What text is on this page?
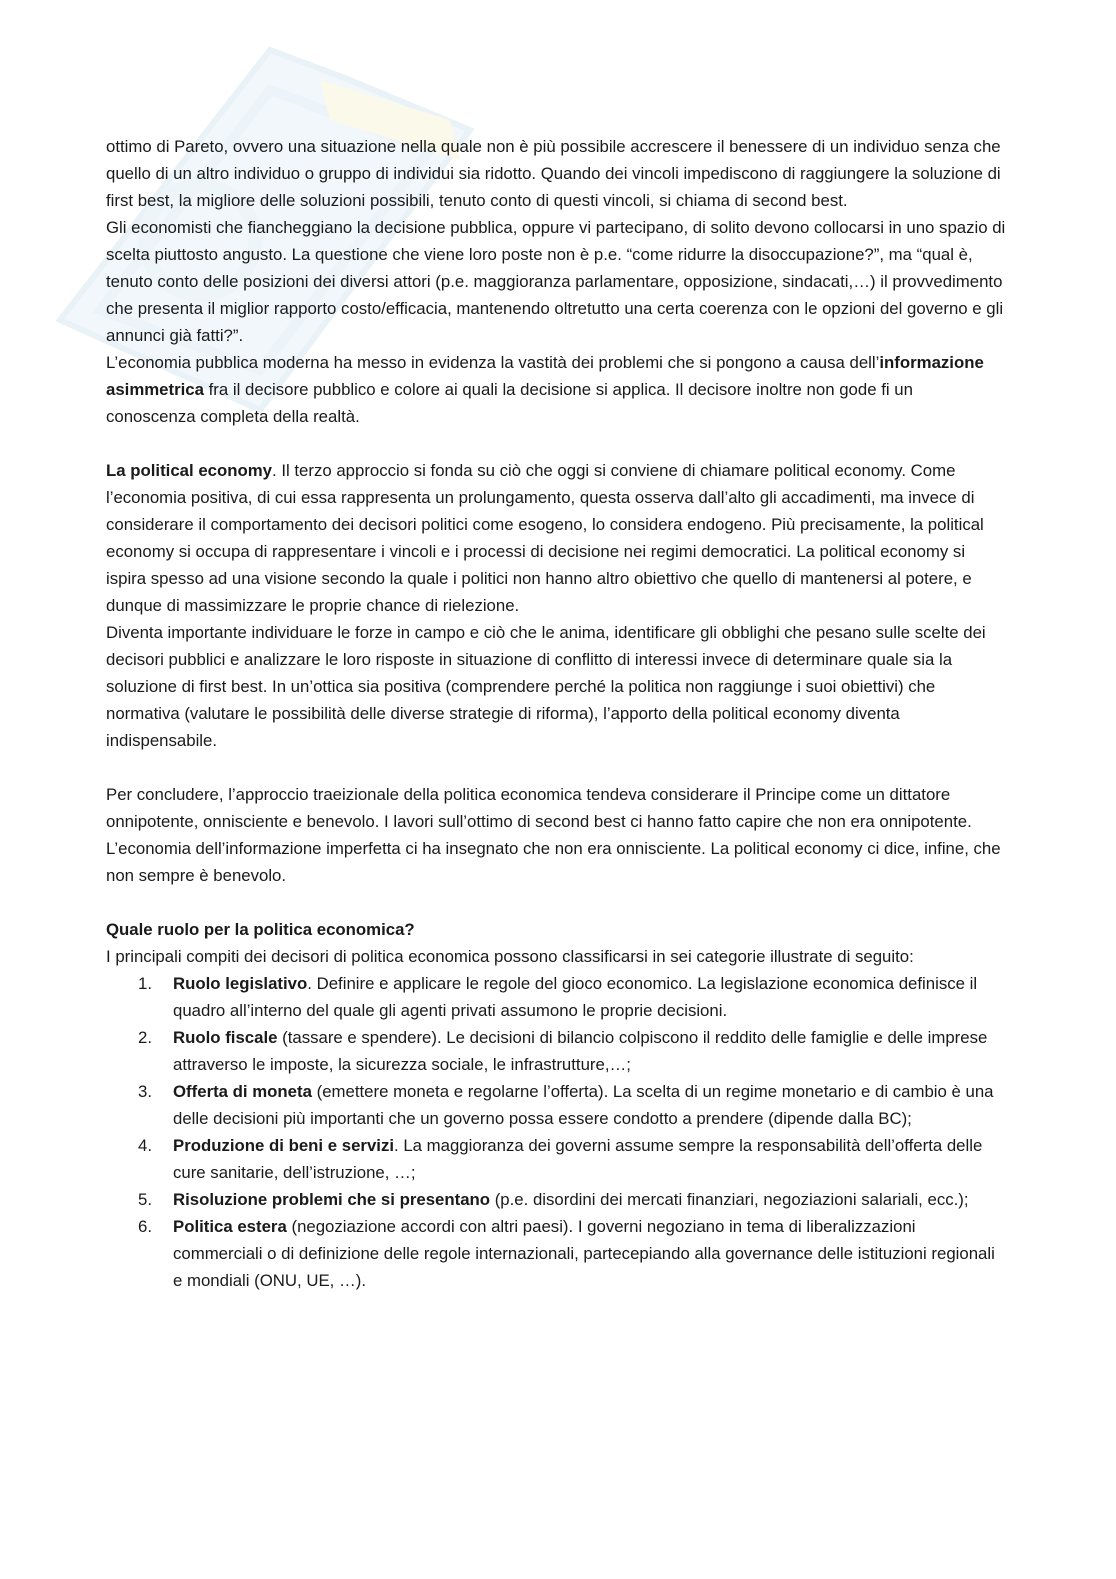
ottimo di Pareto, ovvero una situazione nella quale non è più possibile accrescere il benessere di un individuo senza che quello di un altro individuo o gruppo di individui sia ridotto. Quando dei vincoli impediscono di raggiungere la soluzione di first best, la migliore delle soluzioni possibili, tenuto conto di questi vincoli, si chiama di second best.

Gli economisti che fiancheggiano la decisione pubblica, oppure vi partecipano, di solito devono collocarsi in uno spazio di scelta piuttosto angusto. La questione che viene loro poste non è p.e. “come ridurre la disoccupazione?”, ma “qual è, tenuto conto delle posizioni dei diversi attori (p.e. maggioranza parlamentare, opposizione, sindacati,…) il provvedimento che presenta il miglior rapporto costo/efficacia, mantenendo oltretutto una certa coerenza con le opzioni del governo e gli annunci già fatti?”.

L’economia pubblica moderna ha messo in evidenza la vastità dei problemi che si pongono a causa dell’informazione asimmetrica fra il decisore pubblico e colore ai quali la decisione si applica. Il decisore inoltre non gode fi un conoscenza completa della realtà.

La political economy. Il terzo approccio si fonda su ciò che oggi si conviene di chiamare political economy. Come l’economia positiva, di cui essa rappresenta un prolungamento, questa osserva dall’alto gli accadimenti, ma invece di considerare il comportamento dei decisori politici come esogeno, lo considera endogeno. Più precisamente, la political economy si occupa di rappresentare i vincoli e i processi di decisione nei regimi democratici. La political economy si ispira spesso ad una visione secondo la quale i politici non hanno altro obiettivo che quello di mantenersi al potere, e dunque di massimizzare le proprie chance di rielezione.

Diventa importante individuare le forze in campo e ciò che le anima, identificare gli obblighi che pesano sulle scelte dei decisori pubblici e analizzare le loro risposte in situazione di conflitto di interessi invece di determinare quale sia la soluzione di first best. In un’ottica sia positiva (comprendere perché la politica non raggiunge i suoi obiettivi) che normativa (valutare le possibilità delle diverse strategie di riforma), l’apporto della political economy diventa indispensabile.

Per concludere, l’approccio traeizionale della politica economica tendeva considerare il Principe come un dittatore onnipotente, onnisciente e benevolo. I lavori sull’ottimo di second best ci hanno fatto capire che non era onnipotente. L’economia dell’informazione imperfetta ci ha insegnato che non era onnisciente. La political economy ci dice, infine, che non sempre è benevolo.

Quale ruolo per la politica economica?

I principali compiti dei decisori di politica economica possono classificarsi in sei categorie illustrate di seguito:

1. Ruolo legislativo. Definire e applicare le regole del gioco economico. La legislazione economica definisce il quadro all’interno del quale gli agenti privati assumono le proprie decisioni.
2. Ruolo fiscale (tassare e spendere). Le decisioni di bilancio colpiscono il reddito delle famiglie e delle imprese attraverso le imposte, la sicurezza sociale, le infrastrutture,…;
3. Offerta di moneta (emettere moneta e regolarne l’offerta). La scelta di un regime monetario e di cambio è una delle decisioni più importanti che un governo possa essere condotto a prendere (dipende dalla BC);
4. Produzione di beni e servizi. La maggioranza dei governi assume sempre la responsabilità dell’offerta delle cure sanitarie, dell’istruzione, …;
5. Risoluzione problemi che si presentano (p.e. disordini dei mercati finanziari, negoziazioni salariali, ecc.);
6. Politica estera (negoziazione accordi con altri paesi). I governi negoziano in tema di liberalizzazioni commerciali o di definizione delle regole internazionali, partecepiando alla governance delle istituzioni regionali e mondiali (ONU, UE, …).
